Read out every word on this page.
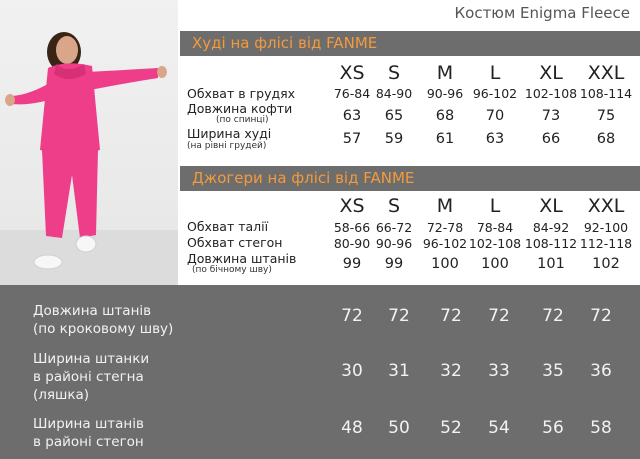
Костюм Enigma Fleece
Худі на флісі від FANME
XS	S	M	L	XL	XXL
Обхват в грудях	76-84 84-90	90-96 96-102 102-108 108-114
Довжина кофти
(по спинці)	63	65	68	70	73	75
Ширина худі
(на рівні грудей)	57	59	61	63	66	68
Джогери на флісі від FANME
XS	S	M	L	XL	XXL
Обхват талії	58-66 66-72	72-78	78-84	84-92	92-100
Обхват стегон	80-90 90-96 96-102 102-108 108-112 112-118
Довжина штанів
(по бічному шву)	99	99	100	100	101	102
Довжина штанів
(по кроковому шву)
72	72	72	72	72	72
Ширина штанки
в районі стегна
(ляшка)
30	31	32	33	35	36
Ширина штанів
в районі стегон
48	50	52	54	56	58
